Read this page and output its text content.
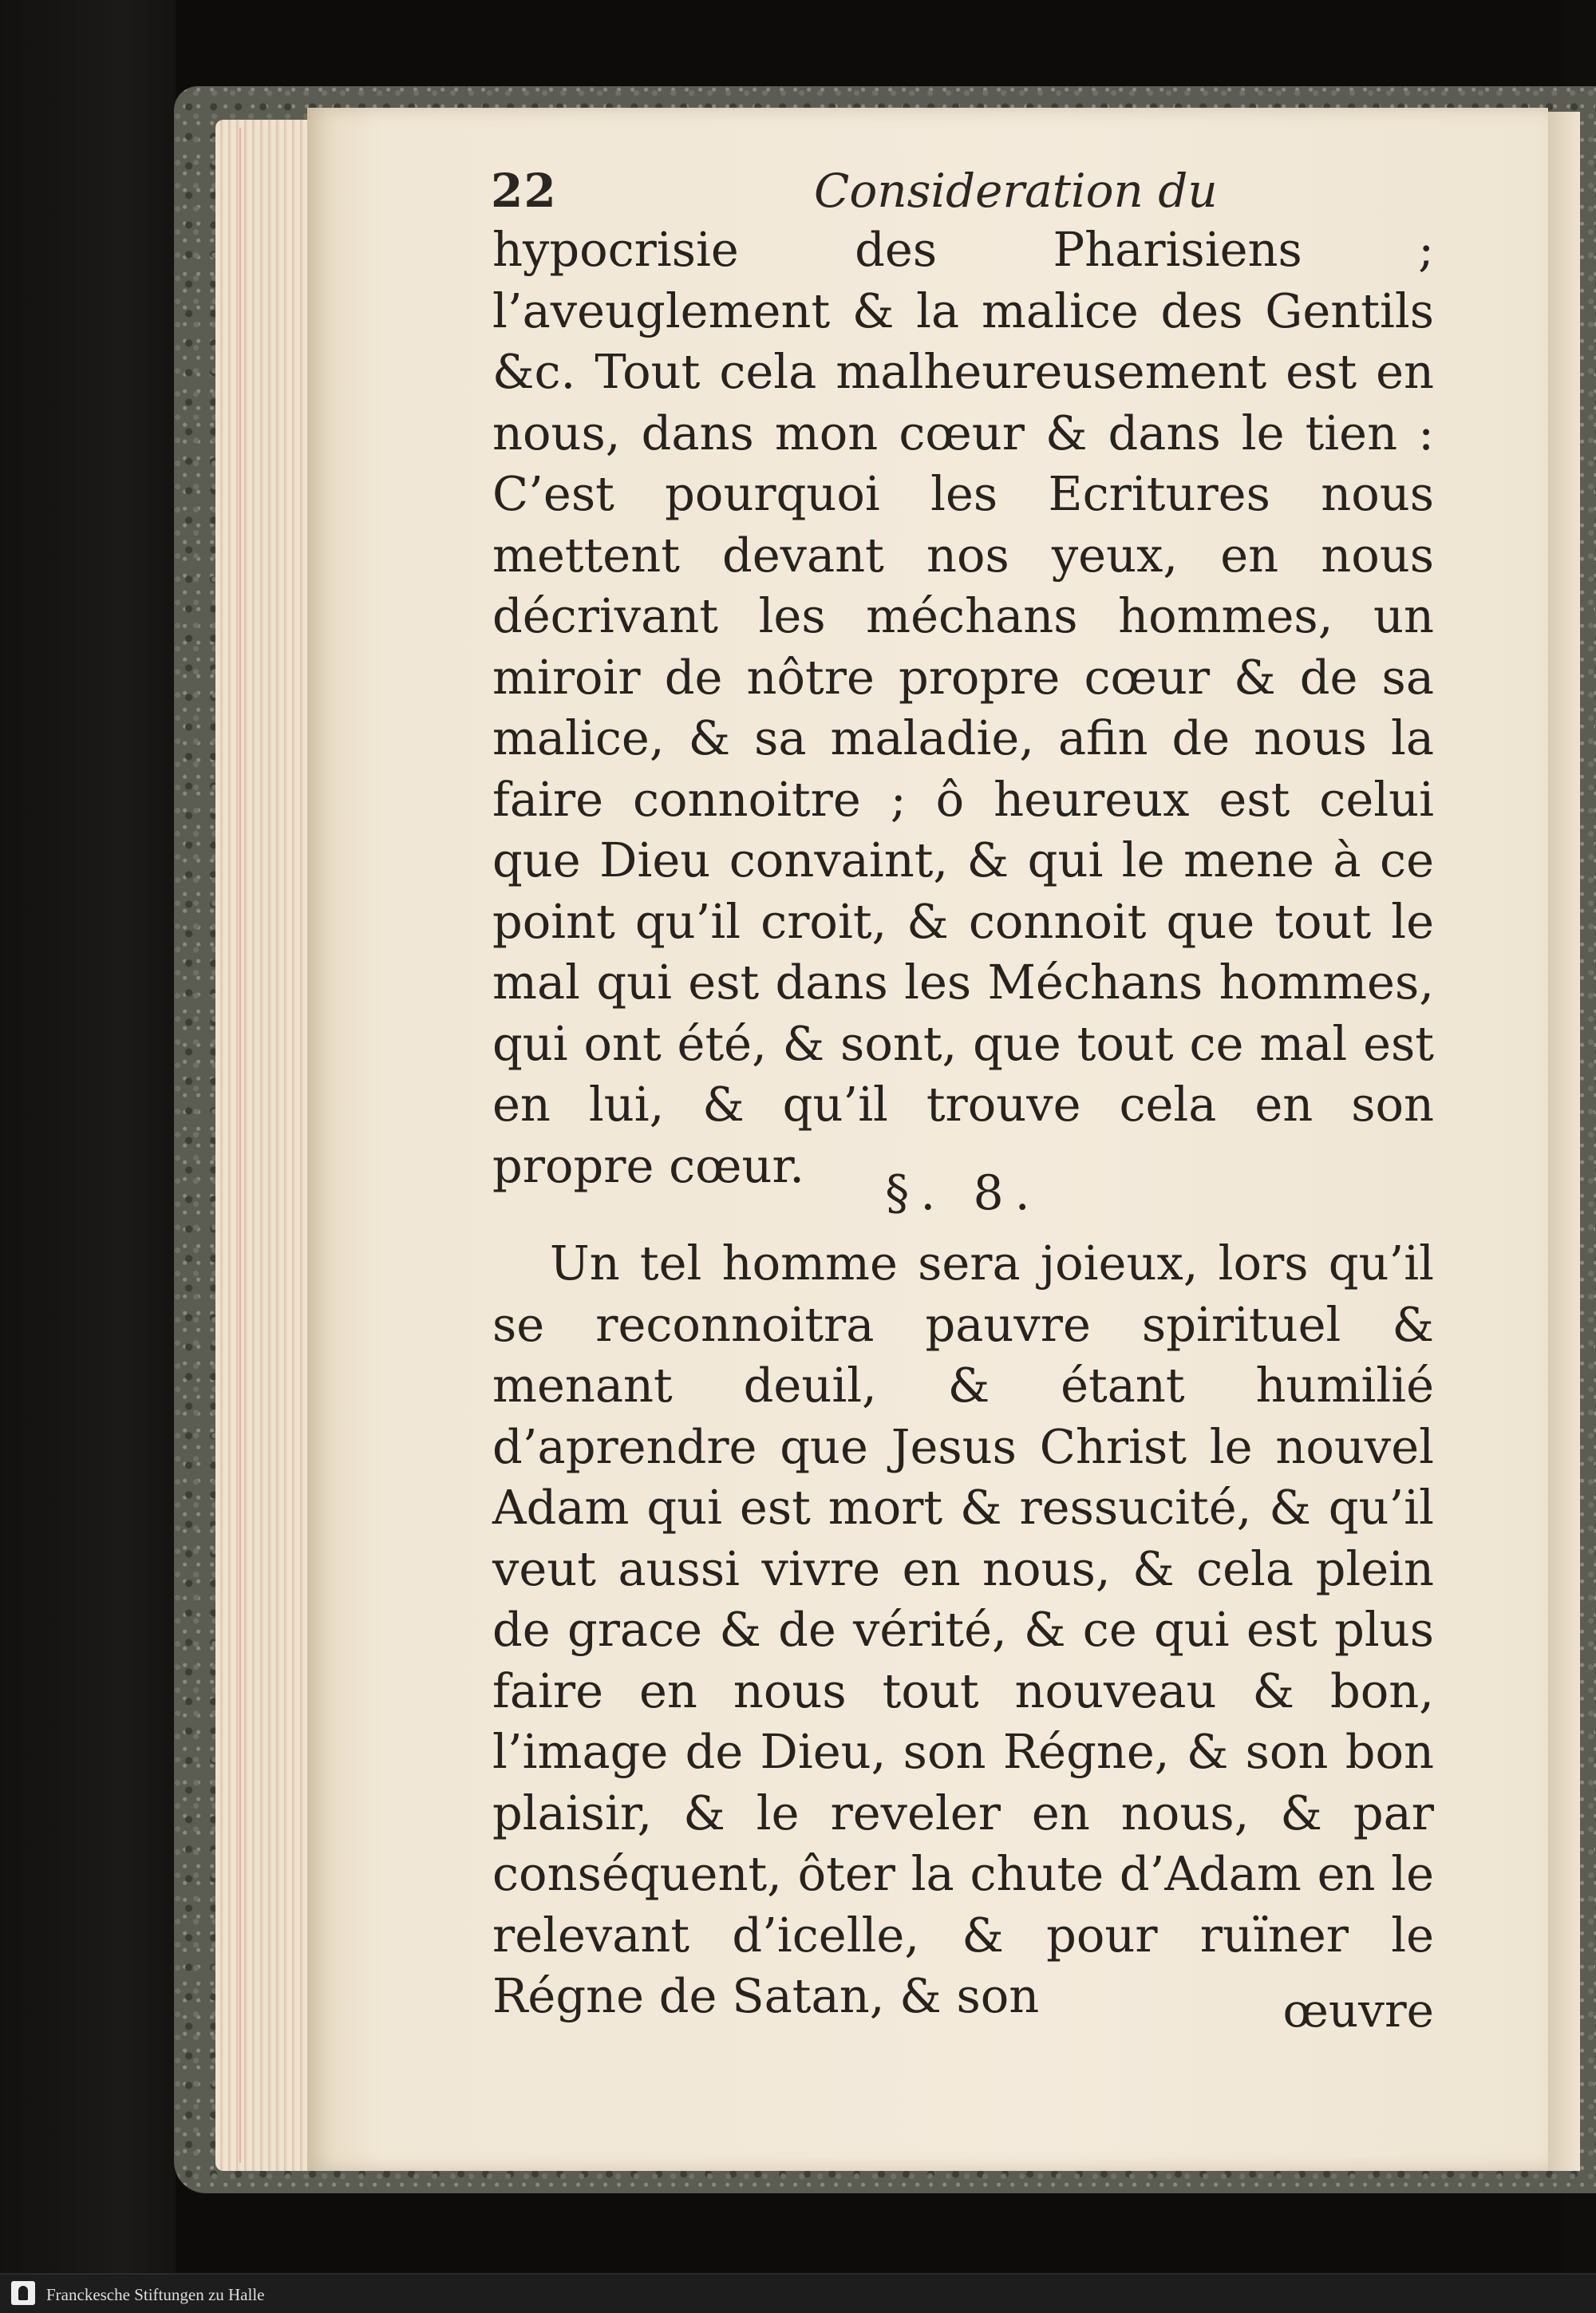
22	Consideration du

hypocrisie des Pharisiens ; l’aveuglement & la malice des Gentils &c. Tout cela malheureusement est en nous, dans mon cœur & dans le tien : C’est pourquoi les Ecritures nous mettent devant nos yeux, en nous décrivant les méchans hommes, un miroir de nôtre propre cœur & de sa malice, & sa maladie, afin de nous la faire connoitre ; ô heureux est celui que Dieu convaint, & qui le mene à ce point qu’il croit, & connoit que tout le mal qui est dans les Méchans hommes, qui ont été, & sont, que tout ce mal est en lui, & qu’il trouve cela en son propre cœur.	§. 8.

Un tel homme sera joieux, lors qu’il se reconnoitra pauvre spirituel & menant deuil, & étant humilié d’aprendre que Jesus Christ le nouvel Adam qui est mort & ressucité, & qu’il veut aussi vivre en nous, & cela plein de grace & de vérité, & ce qui est plus faire en nous tout nouveau & bon, l’image de Dieu, son Régne, & son bon plaisir, & le reveler en nous, & par conséquent, ôter la chute d’Adam en le relevant d’icelle, & pour ruïner le Régne de Satan, & son	œuvre
Franckesche Stiftungen zu Halle
